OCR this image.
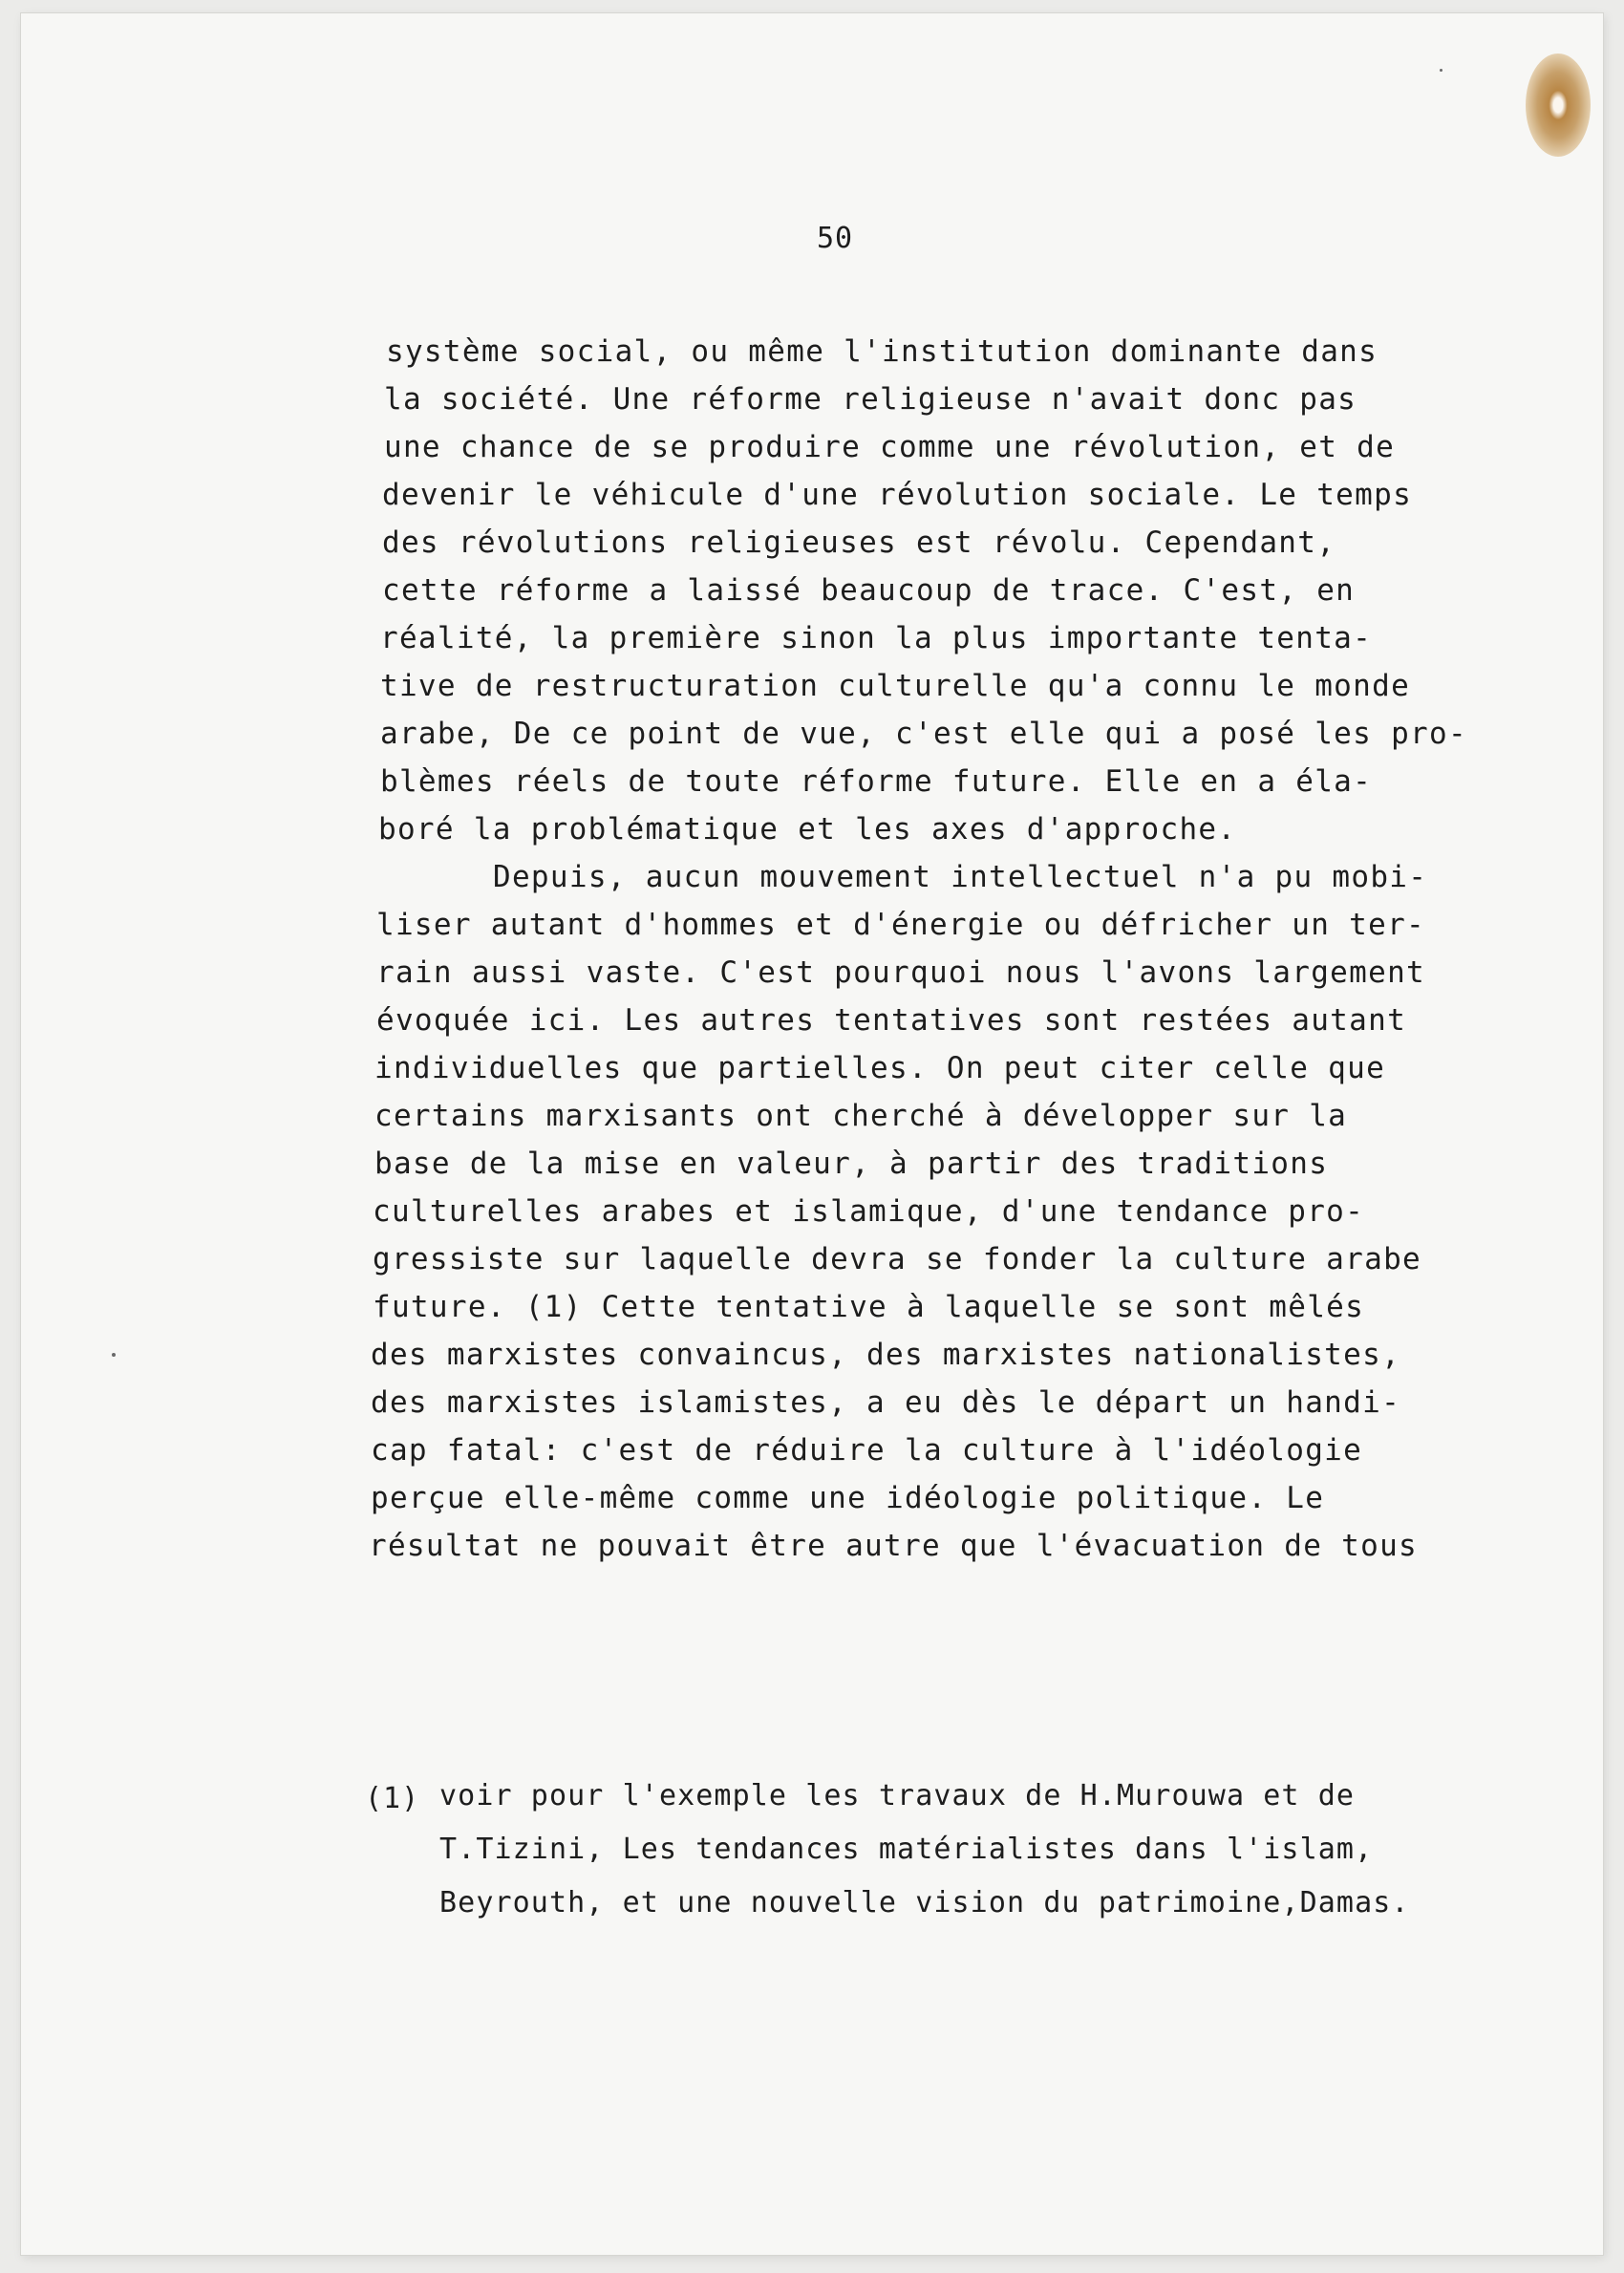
50
système social, ou même l'institution dominante dans
la société. Une réforme religieuse n'avait donc pas
une chance de se produire comme une révolution, et de
devenir le véhicule d'une révolution sociale. Le temps
des révolutions religieuses est révolu. Cependant,
cette réforme a laissé beaucoup de trace. C'est, en
réalité, la première sinon la plus importante tenta-
tive de restructuration culturelle qu'a connu le monde
arabe, De ce point de vue, c'est elle qui a posé les pro-
blèmes réels de toute réforme future. Elle en a éla-
boré la problématique et les axes d'approche.
Depuis, aucun mouvement intellectuel n'a pu mobi-
liser autant d'hommes et d'énergie ou défricher un ter-
rain aussi vaste. C'est pourquoi nous l'avons largement
évoquée ici. Les autres tentatives sont restées autant
individuelles que partielles. On peut citer celle que
certains marxisants ont cherché à développer sur la
base de la mise en valeur, à partir des traditions
culturelles arabes et islamique, d'une tendance pro-
gressiste sur laquelle devra se fonder la culture arabe
future. (1) Cette tentative à laquelle se sont mêlés
des marxistes convaincus, des marxistes nationalistes,
des marxistes islamistes, a eu dès le départ un handi-
cap fatal: c'est de réduire la culture à l'idéologie
perçue elle-même comme une idéologie politique. Le
résultat ne pouvait être autre que l'évacuation de tous
(1) voir pour l'exemple les travaux de H.Murouwa et de
T.Tizini, Les tendances matérialistes dans l'islam,
Beyrouth, et une nouvelle vision du patrimoine,Damas.
